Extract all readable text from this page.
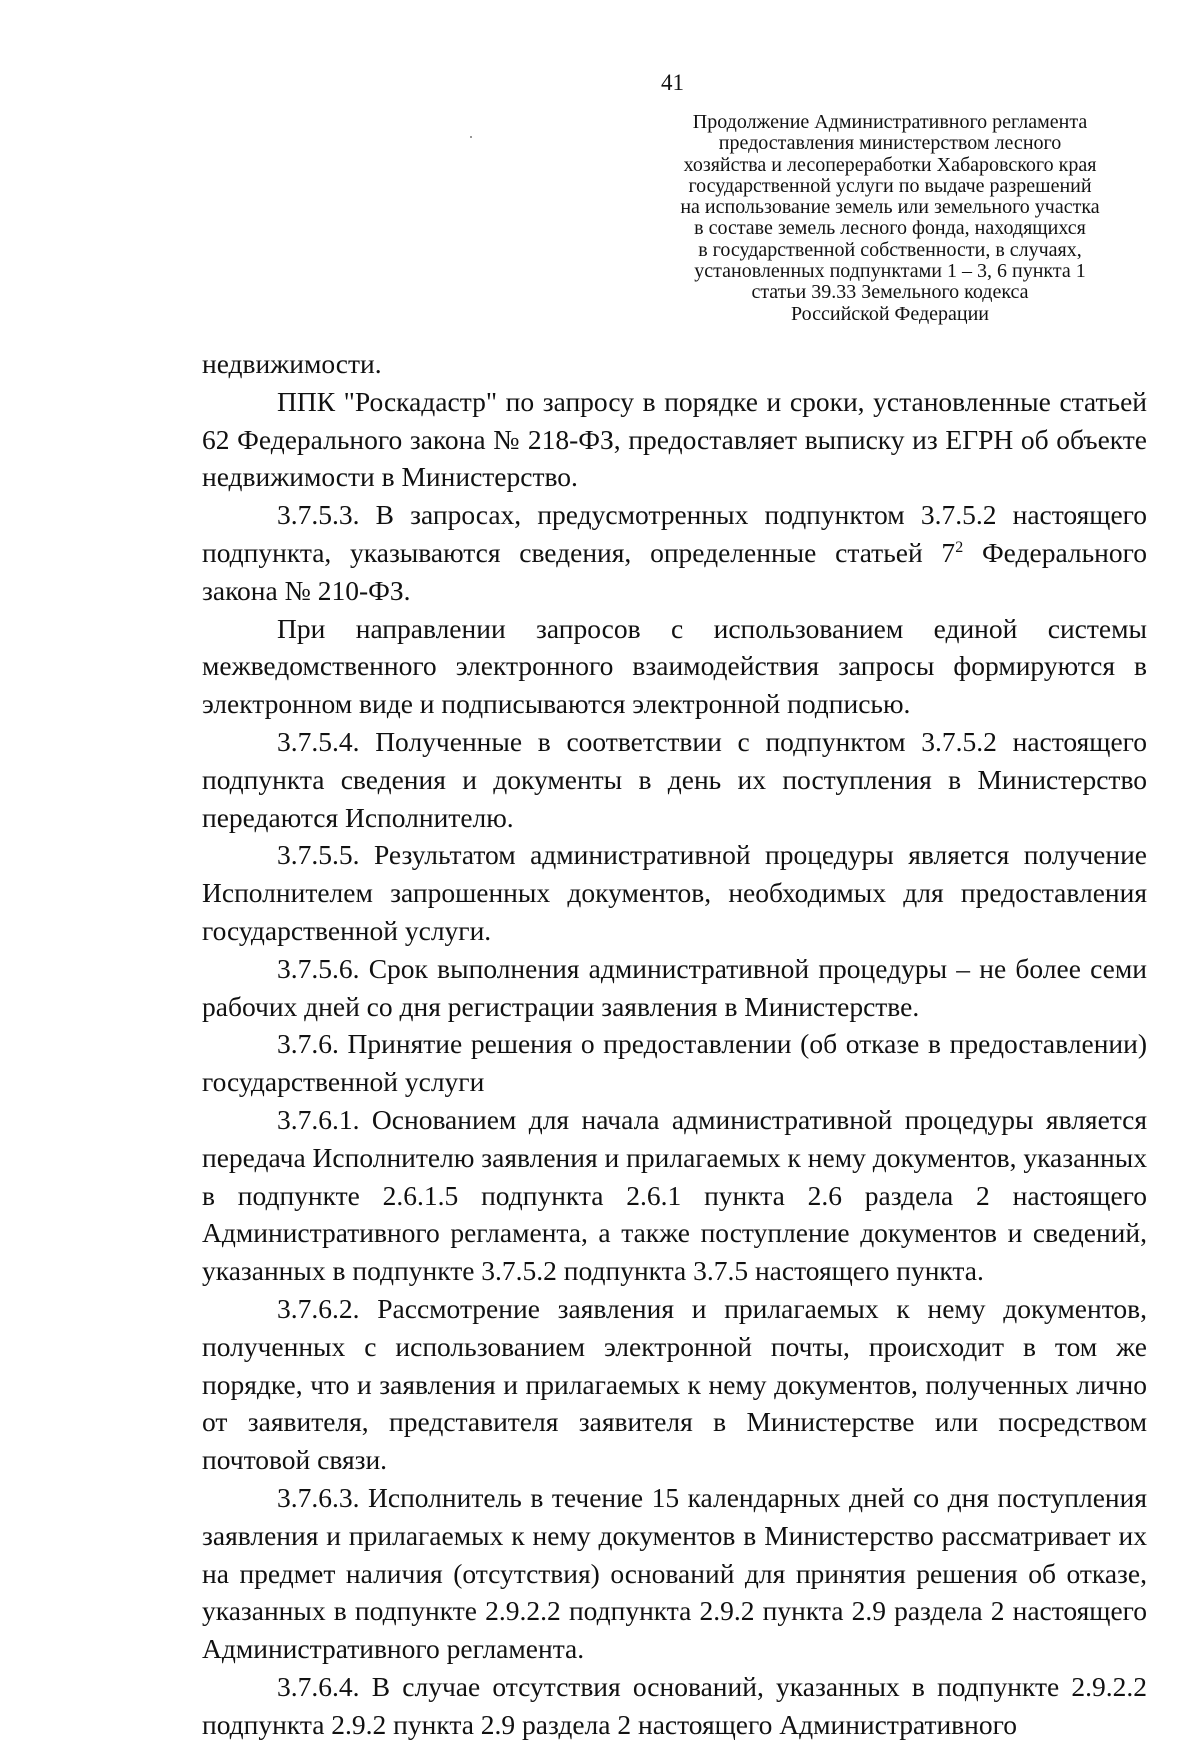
41
Продолжение Административного регламента
предоставления министерством лесного
хозяйства и лесопереработки Хабаровского края
государственной услуги по выдаче разрешений
на использование земель или земельного участка
в составе земель лесного фонда, находящихся
в государственной собственности, в случаях,
установленных подпунктами 1 – 3, 6 пункта 1
статьи 39.33 Земельного кодекса
Российской Федерации

недвижимости.

ППК "Роскадастр" по запросу в порядке и сроки, установленные статьей 62 Федерального закона № 218-ФЗ, предоставляет выписку из ЕГРН об объекте недвижимости в Министерство.

3.7.5.3. В запросах, предусмотренных подпунктом 3.7.5.2 настоящего подпункта, указываются сведения, определенные статьей $7^2$ Федерального закона № 210-ФЗ.

При направлении запросов с использованием единой системы межведомственного электронного взаимодействия запросы формируются в электронном виде и подписываются электронной подписью.

3.7.5.4. Полученные в соответствии с подпунктом 3.7.5.2 настоящего подпункта сведения и документы в день их поступления в Министерство передаются Исполнителю.

3.7.5.5. Результатом административной процедуры является получение Исполнителем запрошенных документов, необходимых для предоставления государственной услуги.

3.7.5.6. Срок выполнения административной процедуры – не более семи рабочих дней со дня регистрации заявления в Министерстве.

3.7.6. Принятие решения о предоставлении (об отказе в предоставлении) государственной услуги

3.7.6.1. Основанием для начала административной процедуры является передача Исполнителю заявления и прилагаемых к нему документов, указанных в подпункте 2.6.1.5 подпункта 2.6.1 пункта 2.6 раздела 2 настоящего Административного регламента, а также поступление документов и сведений, указанных в подпункте 3.7.5.2 подпункта 3.7.5 настоящего пункта.

3.7.6.2. Рассмотрение заявления и прилагаемых к нему документов, полученных с использованием электронной почты, происходит в том же порядке, что и заявления и прилагаемых к нему документов, полученных лично от заявителя, представителя заявителя в Министерстве или посредством почтовой связи.

3.7.6.3. Исполнитель в течение 15 календарных дней со дня поступления заявления и прилагаемых к нему документов в Министерство рассматривает их на предмет наличия (отсутствия) оснований для принятия решения об отказе, указанных в подпункте 2.9.2.2 подпункта 2.9.2 пункта 2.9 раздела 2 настоящего Административного регламента.

3.7.6.4. В случае отсутствия оснований, указанных в подпункте 2.9.2.2 подпункта 2.9.2 пункта 2.9 раздела 2 настоящего Административного
